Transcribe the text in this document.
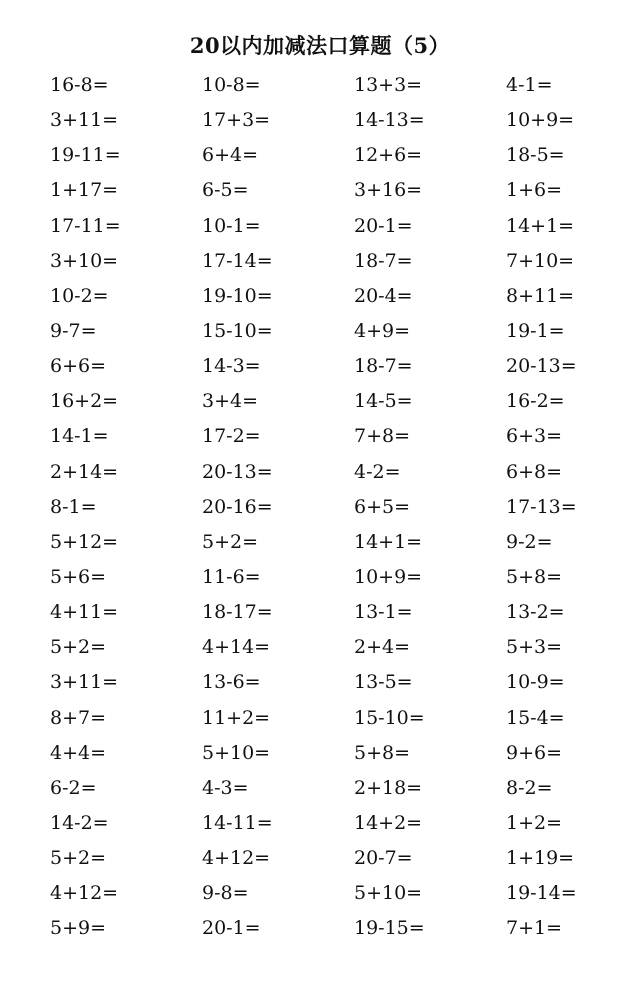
20以内加减法口算题（5）
16-8=	10-8=	13+3=	4-1=
3+11=	17+3=	14-13=	10+9=
19-11=	6+4=	12+6=	18-5=
1+17=	6-5=	3+16=	1+6=
17-11=	10-1=	20-1=	14+1=
3+10=	17-14=	18-7=	7+10=
10-2=	19-10=	20-4=	8+11=
9-7=	15-10=	4+9=	19-1=
6+6=	14-3=	18-7=	20-13=
16+2=	3+4=	14-5=	16-2=
14-1=	17-2=	7+8=	6+3=
2+14=	20-13=	4-2=	6+8=
8-1=	20-16=	6+5=	17-13=
5+12=	5+2=	14+1=	9-2=
5+6=	11-6=	10+9=	5+8=
4+11=	18-17=	13-1=	13-2=
5+2=	4+14=	2+4=	5+3=
3+11=	13-6=	13-5=	10-9=
8+7=	11+2=	15-10=	15-4=
4+4=	5+10=	5+8=	9+6=
6-2=	4-3=	2+18=	8-2=
14-2=	14-11=	14+2=	1+2=
5+2=	4+12=	20-7=	1+19=
4+12=	9-8=	5+10=	19-14=
5+9=	20-1=	19-15=	7+1=
